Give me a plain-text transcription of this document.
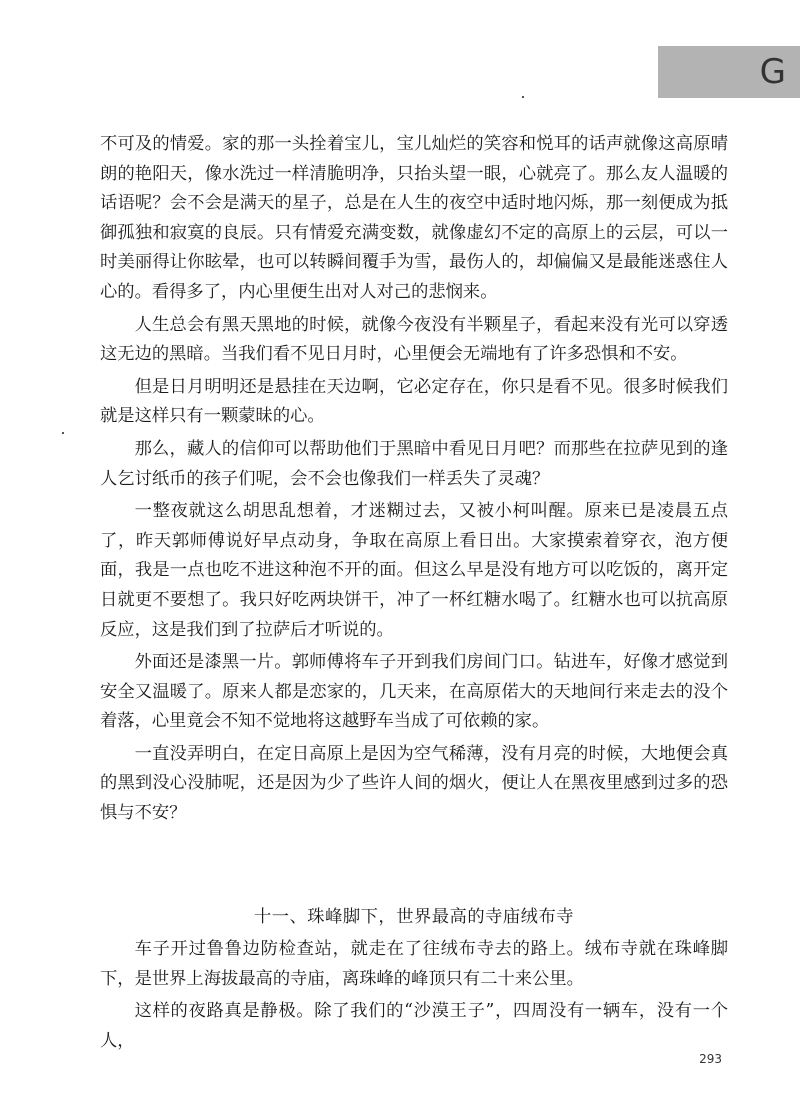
G

不可及的情爱。家的那一头拴着宝儿，宝儿灿烂的笑容和悦耳的话声就像这高原晴朗的艳阳天，像水洗过一样清脆明净，只抬头望一眼，心就亮了。那么友人温暖的话语呢？会不会是满天的星子，总是在人生的夜空中适时地闪烁，那一刻便成为抵御孤独和寂寞的良辰。只有情爱充满变数，就像虚幻不定的高原上的云层，可以一时美丽得让你眩晕，也可以转瞬间覆手为雪，最伤人的，却偏偏又是最能迷惑住人心的。看得多了，内心里便生出对人对己的悲悯来。

人生总会有黑天黑地的时候，就像今夜没有半颗星子，看起来没有光可以穿透这无边的黑暗。当我们看不见日月时，心里便会无端地有了许多恐惧和不安。

但是日月明明还是悬挂在天边啊，它必定存在，你只是看不见。很多时候我们就是这样只有一颗蒙昧的心。

那么，藏人的信仰可以帮助他们于黑暗中看见日月吧？而那些在拉萨见到的逢人乞讨纸币的孩子们呢，会不会也像我们一样丢失了灵魂？

一整夜就这么胡思乱想着，才迷糊过去，又被小柯叫醒。原来已是凌晨五点了，昨天郭师傅说好早点动身，争取在高原上看日出。大家摸索着穿衣，泡方便面，我是一点也吃不进这种泡不开的面。但这么早是没有地方可以吃饭的，离开定日就更不要想了。我只好吃两块饼干，冲了一杯红糖水喝了。红糖水也可以抗高原反应，这是我们到了拉萨后才听说的。

外面还是漆黑一片。郭师傅将车子开到我们房间门口。钻进车，好像才感觉到安全又温暖了。原来人都是恋家的，几天来，在高原偌大的天地间行来走去的没个着落，心里竟会不知不觉地将这越野车当成了可依赖的家。

一直没弄明白，在定日高原上是因为空气稀薄，没有月亮的时候，大地便会真的黑到没心没肺呢，还是因为少了些许人间的烟火，便让人在黑夜里感到过多的恐惧与不安？

十一、珠峰脚下，世界最高的寺庙绒布寺

车子开过鲁鲁边防检查站，就走在了往绒布寺去的路上。绒布寺就在珠峰脚下，是世界上海拔最高的寺庙，离珠峰的峰顶只有二十来公里。

这样的夜路真是静极。除了我们的“沙漠王子”，四周没有一辆车，没有一个人，

293
